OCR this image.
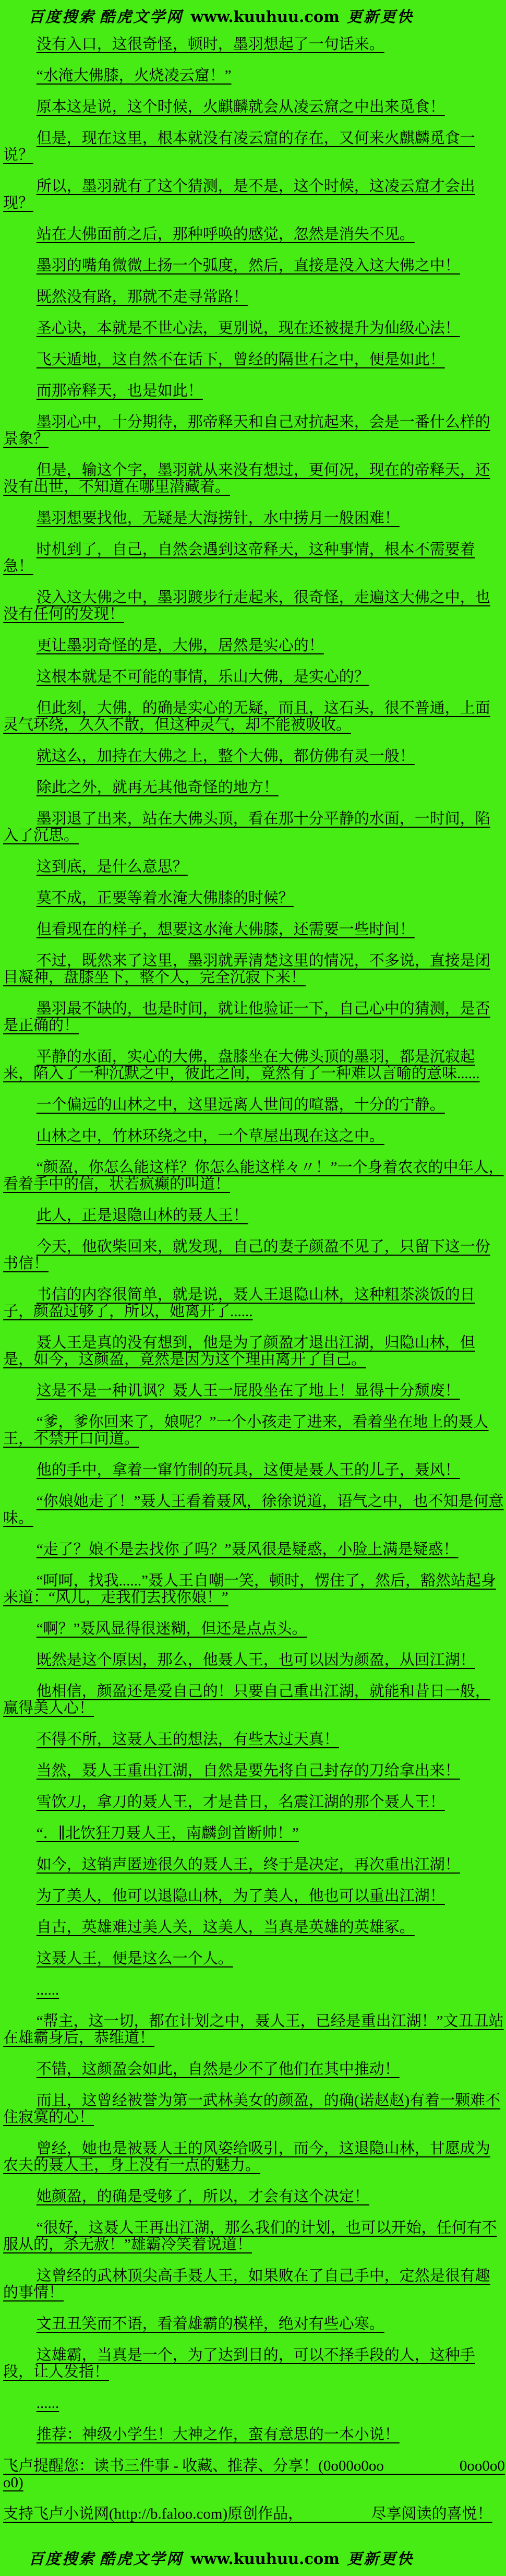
百度搜索 酷虎文学网 www.kuuhuu.com 更新更快

没有入口，这很奇怪，顿时，墨羽想起了一句话来。

“水淹大佛膝，火烧凌云窟！”

原本这是说，这个时候，火麒麟就会从凌云窟之中出来觅食！

但是，现在这里，根本就没有凌云窟的存在，又何来火麒麟觅食一说？

所以，墨羽就有了这个猜测，是不是，这个时候，这凌云窟才会出现？

站在大佛面前之后，那种呼唤的感觉，忽然是消失不见。

墨羽的嘴角微微上扬一个弧度，然后，直接是没入这大佛之中！

既然没有路，那就不走寻常路！

圣心诀，本就是不世心法，更别说，现在还被提升为仙级心法！

飞天遁地，这自然不在话下，曾经的隔世石之中，便是如此！

而那帝释天，也是如此！

墨羽心中，十分期待，那帝释天和自己对抗起来，会是一番什么样的景象？

但是，输这个字，墨羽就从来没有想过，更何况，现在的帝释天，还没有出世，不知道在哪里潜藏着。

墨羽想要找他，无疑是大海捞针，水中捞月一般困难！

时机到了，自己，自然会遇到这帝释天，这种事情，根本不需要着急！

没入这大佛之中，墨羽踱步行走起来，很奇怪，走遍这大佛之中，也没有任何的发现！

更让墨羽奇怪的是，大佛，居然是实心的！

这根本就是不可能的事情，乐山大佛，是实心的？

但此刻，大佛，的确是实心的无疑，而且，这石头，很不普通，上面灵气环绕，久久不散，但这种灵气，却不能被吸收。

就这么，加持在大佛之上，整个大佛，都仿佛有灵一般！

除此之外，就再无其他奇怪的地方！

墨羽退了出来，站在大佛头顶，看在那十分平静的水面，一时间，陷入了沉思。

这到底，是什么意思？

莫不成，正要等着水淹大佛膝的时候？

但看现在的样子，想要这水淹大佛膝，还需要一些时间！

不过，既然来了这里，墨羽就弄清楚这里的情况，不多说，直接是闭目凝神，盘膝坐下，整个人，完全沉寂下来！

墨羽最不缺的，也是时间，就让他验证一下，自己心中的猜测，是否是正确的！

平静的水面，实心的大佛，盘膝坐在大佛头顶的墨羽，都是沉寂起来，陷入了一种沉默之中，彼此之间，竟然有了一种难以言喻的意味......

一个偏远的山林之中，这里远离人世间的喧嚣，十分的宁静。

山林之中，竹林环绕之中，一个草屋出现在这之中。

“颜盈，你怎么能这样？你怎么能这样々〃！”一个身着农衣的中年人，看着手中的信，状若疯癫的叫道！

此人，正是退隐山林的聂人王！

今天，他砍柴回来，就发现，自己的妻子颜盈不见了，只留下这一份书信！

书信的内容很简单，就是说，聂人王退隐山林，这种粗茶淡饭的日子，颜盈过够了，所以，她离开了......

聂人王是真的没有想到，他是为了颜盈才退出江湖，归隐山林，但是，如今，这颜盈，竟然是因为这个理由离开了自己。

这是不是一种讥讽？聂人王一屁股坐在了地上！显得十分颓废！

“爹，爹你回来了，娘呢？”一个小孩走了进来，看着坐在地上的聂人王，不禁开口问道。

他的手中，拿着一窜竹制的玩具，这便是聂人王的儿子，聂风！

“你娘她走了！”聂人王看着聂风，徐徐说道，语气之中，也不知是何意味。

“走了？娘不是去找你了吗？”聂风很是疑惑，小脸上满是疑惑！

“呵呵，找我......”聂人王自嘲一笑，顿时，愣住了，然后，豁然站起身来道：“风儿，走我们去找你娘！”

“啊？”聂风显得很迷糊，但还是点点头。

既然是这个原因，那么，他聂人王，也可以因为颜盈，从回江湖！

他相信，颜盈还是爱自己的！只要自己重出江湖，就能和昔日一般，赢得美人心！

不得不所，这聂人王的想法，有些太过天真！

当然，聂人王重出江湖，自然是要先将自己封存的刀给拿出来！

雪饮刀，拿刀的聂人王，才是昔日，名震江湖的那个聂人王！

“．∥北饮狂刀聂人王，南麟剑首断帅！”

如今，这销声匿迹很久的聂人王，终于是决定，再次重出江湖！

为了美人，他可以退隐山林，为了美人，他也可以重出江湖！

自古，英雄难过美人关，这美人，当真是英雄的英雄冢。

这聂人王，便是这么一个人。

......

“帮主，这一切，都在计划之中，聂人王，已经是重出江湖！”文丑丑站在雄霸身后，恭维道！

不错，这颜盈会如此，自然是少不了他们在其中推动！

而且，这曾经被誉为第一武林美女的颜盈，的确(诺赵赵)有着一颗难不住寂寞的心！

曾经，她也是被聂人王的风姿给吸引，而今，这退隐山林，甘愿成为农夫的聂人王，身上没有一点的魅力。

她颜盈，的确是受够了，所以，才会有这个决定！

“很好，这聂人王再出江湖，那么我们的计划，也可以开始，任何有不服从的，杀无赦！”雄霸冷笑着说道！

这曾经的武林顶尖高手聂人王，如果败在了自己手中，定然是很有趣的事情！

文丑丑笑而不语，看着雄霸的模样，绝对有些心寒。

这雄霸，当真是一个，为了达到目的，可以不择手段的人，这种手段，让人发指！

......

推荐：神级小学生！大神之作，蛮有意思的一本小说！

飞卢提醒您：读书三件事 - 收藏、推荐、分享！(0o00o0oo　　　　　0oo0o0o0)

支持飞卢小说网(http://b.faloo.com)原创作品，　　　　　尽享阅读的喜悦！

百度搜索 酷虎文学网 www.kuuhuu.com 更新更快
